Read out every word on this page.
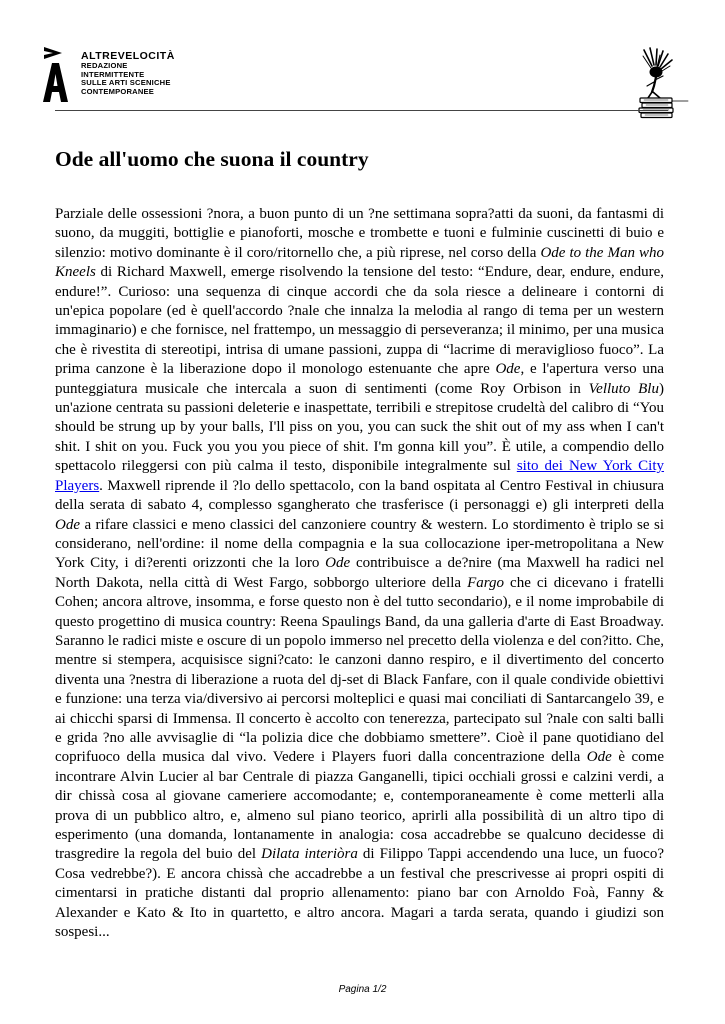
ALTREVELOCITÀ
REDAZIONE
INTERMITTENTE
SULLE ARTI SCENICHE
CONTEMPORANEE
Ode all'uomo che suona il country

Parziale delle ossessioni ?nora, a buon punto di un ?ne settimana sopra?atti da suoni, da fantasmi di suono, da muggiti, bottiglie e pianoforti, mosche e trombette e tuoni e fulminie cuscinetti di buio e silenzio: motivo dominante è il coro/ritornello che, a più riprese, nel corso della Ode to the Man who Kneels di Richard Maxwell, emerge risolvendo la tensione del testo: “Endure, dear, endure, endure, endure!”. Curioso: una sequenza di cinque accordi che da sola riesce a delineare i contorni di un'epica popolare (ed è quell'accordo ?nale che innalza la melodia al rango di tema per un western immaginario) e che fornisce, nel frattempo, un messaggio di perseveranza; il minimo, per una musica che è rivestita di stereotipi, intrisa di umane passioni, zuppa di “lacrime di meraviglioso fuoco”. La prima canzone è la liberazione dopo il monologo estenuante che apre Ode, e l'apertura verso una punteggiatura musicale che intercala a suon di sentimenti (come Roy Orbison in Velluto Blu) un'azione centrata su passioni deleterie e inaspettate, terribili e strepitose crudeltà del calibro di “You should be strung up by your balls, I'll piss on you, you can suck the shit out of my ass when I can't shit. I shit on you. Fuck you you you piece of shit. I'm gonna kill you”. È utile, a compendio dello spettacolo rileggersi con più calma il testo, disponibile integralmente sul sito dei New York City Players. Maxwell riprende il ?lo dello spettacolo, con la band ospitata al Centro Festival in chiusura della serata di sabato 4, complesso sgangherato che trasferisce (i personaggi e) gli interpreti della Ode a rifare classici e meno classici del canzoniere country & western. Lo stordimento è triplo se si considerano, nell'ordine: il nome della compagnia e la sua collocazione iper-metropolitana a New York City, i di?erenti orizzonti che la loro Ode contribuisce a de?nire (ma Maxwell ha radici nel North Dakota, nella città di West Fargo, sobborgo ulteriore della Fargo che ci dicevano i fratelli Cohen; ancora altrove, insomma, e forse questo non è del tutto secondario), e il nome improbabile di questo progettino di musica country: Reena Spaulings Band, da una galleria d'arte di East Broadway. Saranno le radici miste e oscure di un popolo immerso nel precetto della violenza e del con?itto. Che, mentre si stempera, acquisisce signi?cato: le canzoni danno respiro, e il divertimento del concerto diventa una ?nestra di liberazione a ruota del dj-set di Black Fanfare, con il quale condivide obiettivi e funzione: una terza via/diversivo ai percorsi molteplici e quasi mai conciliati di Santarcangelo 39, e ai chicchi sparsi di Immensa. Il concerto è accolto con tenerezza, partecipato sul ?nale con salti balli e grida ?no alle avvisaglie di “la polizia dice che dobbiamo smettere”. Cioè il pane quotidiano del coprifuoco della musica dal vivo. Vedere i Players fuori dalla concentrazione della Ode è come incontrare Alvin Lucier al bar Centrale di piazza Ganganelli, tipici occhiali grossi e calzini verdi, a dir chissà cosa al giovane cameriere accomodante; e, contemporaneamente è come metterli alla prova di un pubblico altro, e, almeno sul piano teorico, aprirli alla possibilità di un altro tipo di esperimento (una domanda, lontanamente in analogia: cosa accadrebbe se qualcuno decidesse di trasgredire la regola del buio del Dilata interiòra di Filippo Tappi accendendo una luce, un fuoco? Cosa vedrebbe?). E ancora chissà che accadrebbe a un festival che prescrivesse ai propri ospiti di cimentarsi in pratiche distanti dal proprio allenamento: piano bar con Arnoldo Foà, Fanny & Alexander e Kato & Ito in quartetto, e altro ancora. Magari a tarda serata, quando i giudizi son sospesi...

Pagina 1/2
